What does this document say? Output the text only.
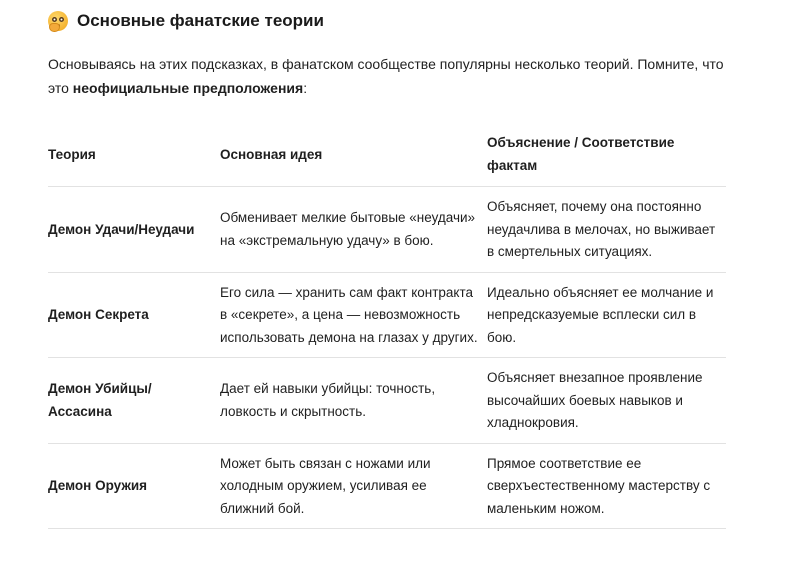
Основные фанатские теории

Основываясь на этих подсказках, в фанатском сообществе популярны несколько теорий. Помните, что это неофициальные предположения:

Теория	Основная идея	Объяснение / Соответствие фактам
Демон Удачи/Неудачи	Обменивает мелкие бытовые «неудачи» на «экстремальную удачу» в бою.	Объясняет, почему она постоянно неудачлива в мелочах, но выживает в смертельных ситуациях.
Демон Секрета	Его сила — хранить сам факт контракта в «секрете», а цена — невозможность использовать демона на глазах у других.	Идеально объясняет ее молчание и непредсказуемые всплески сил в бою.
Демон Убийцы/Ассасина	Дает ей навыки убийцы: точность, ловкость и скрытность.	Объясняет внезапное проявление высочайших боевых навыков и хладнокровия.
Демон Оружия	Может быть связан с ножами или холодным оружием, усиливая ее ближний бой.	Прямое соответствие ее сверхъестественному мастерству с маленьким ножом.
